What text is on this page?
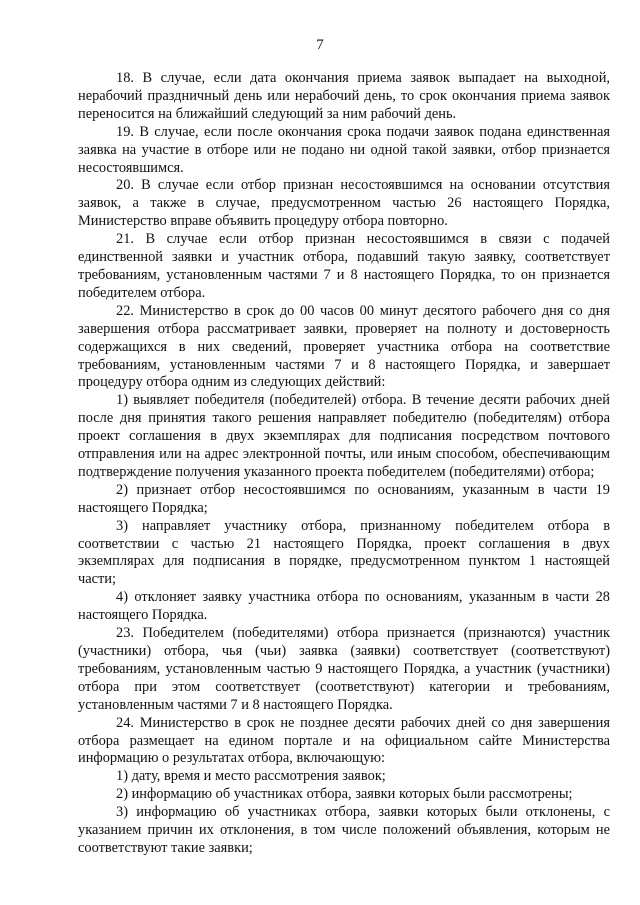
7

18. В случае, если дата окончания приема заявок выпадает на выходной, нерабочий праздничный день или нерабочий день, то срок окончания приема заявок переносится на ближайший следующий за ним рабочий день.

19. В случае, если после окончания срока подачи заявок подана единственная заявка на участие в отборе или не подано ни одной такой заявки, отбор признается несостоявшимся.

20. В случае если отбор признан несостоявшимся на основании отсутствия заявок, а также в случае, предусмотренном частью 26 настоящего Порядка, Министерство вправе объявить процедуру отбора повторно.

21. В случае если отбор признан несостоявшимся в связи с подачей единственной заявки и участник отбора, подавший такую заявку, соответствует требованиям, установленным частями 7 и 8 настоящего Порядка, то он признается победителем отбора.

22. Министерство в срок до 00 часов 00 минут десятого рабочего дня со дня завершения отбора рассматривает заявки, проверяет на полноту и достоверность содержащихся в них сведений, проверяет участника отбора на соответствие требованиям, установленным частями 7 и 8 настоящего Порядка, и завершает процедуру отбора одним из следующих действий:

1) выявляет победителя (победителей) отбора. В течение десяти рабочих дней после дня принятия такого решения направляет победителю (победителям) отбора проект соглашения в двух экземплярах для подписания посредством почтового отправления или на адрес электронной почты, или иным способом, обеспечивающим подтверждение получения указанного проекта победителем (победителями) отбора;

2) признает отбор несостоявшимся по основаниям, указанным в части 19 настоящего Порядка;

3) направляет участнику отбора, признанному победителем отбора в соответствии с частью 21 настоящего Порядка, проект соглашения в двух экземплярах для подписания в порядке, предусмотренном пунктом 1 настоящей части;

4) отклоняет заявку участника отбора по основаниям, указанным в части 28 настоящего Порядка.

23. Победителем (победителями) отбора признается (признаются) участник (участники) отбора, чья (чьи) заявка (заявки) соответствует (соответствуют) требованиям, установленным частью 9 настоящего Порядка, а участник (участники) отбора при этом соответствует (соответствуют) категории и требованиям, установленным частями 7 и 8 настоящего Порядка.

24. Министерство в срок не позднее десяти рабочих дней со дня завершения отбора размещает на едином портале и на официальном сайте Министерства информацию о результатах отбора, включающую:

1) дату, время и место рассмотрения заявок;

2) информацию об участниках отбора, заявки которых были рассмотрены;

3) информацию об участниках отбора, заявки которых были отклонены, с указанием причин их отклонения, в том числе положений объявления, которым не соответствуют такие заявки;
